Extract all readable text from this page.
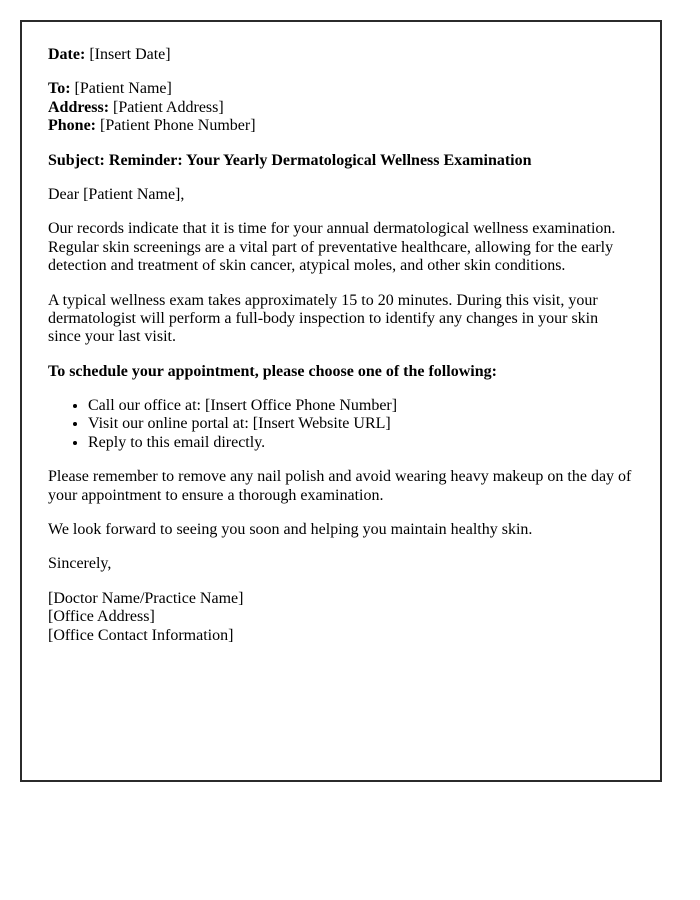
Date: [Insert Date]

To: [Patient Name]
Address: [Patient Address]
Phone: [Patient Phone Number]

Subject: Reminder: Your Yearly Dermatological Wellness Examination

Dear [Patient Name],

Our records indicate that it is time for your annual dermatological wellness examination. Regular skin screenings are a vital part of preventative healthcare, allowing for the early detection and treatment of skin cancer, atypical moles, and other skin conditions.

A typical wellness exam takes approximately 15 to 20 minutes. During this visit, your dermatologist will perform a full-body inspection to identify any changes in your skin since your last visit.

To schedule your appointment, please choose one of the following:

• Call our office at: [Insert Office Phone Number]
• Visit our online portal at: [Insert Website URL]
• Reply to this email directly.

Please remember to remove any nail polish and avoid wearing heavy makeup on the day of your appointment to ensure a thorough examination.

We look forward to seeing you soon and helping you maintain healthy skin.

Sincerely,

[Doctor Name/Practice Name]
[Office Address]
[Office Contact Information]
